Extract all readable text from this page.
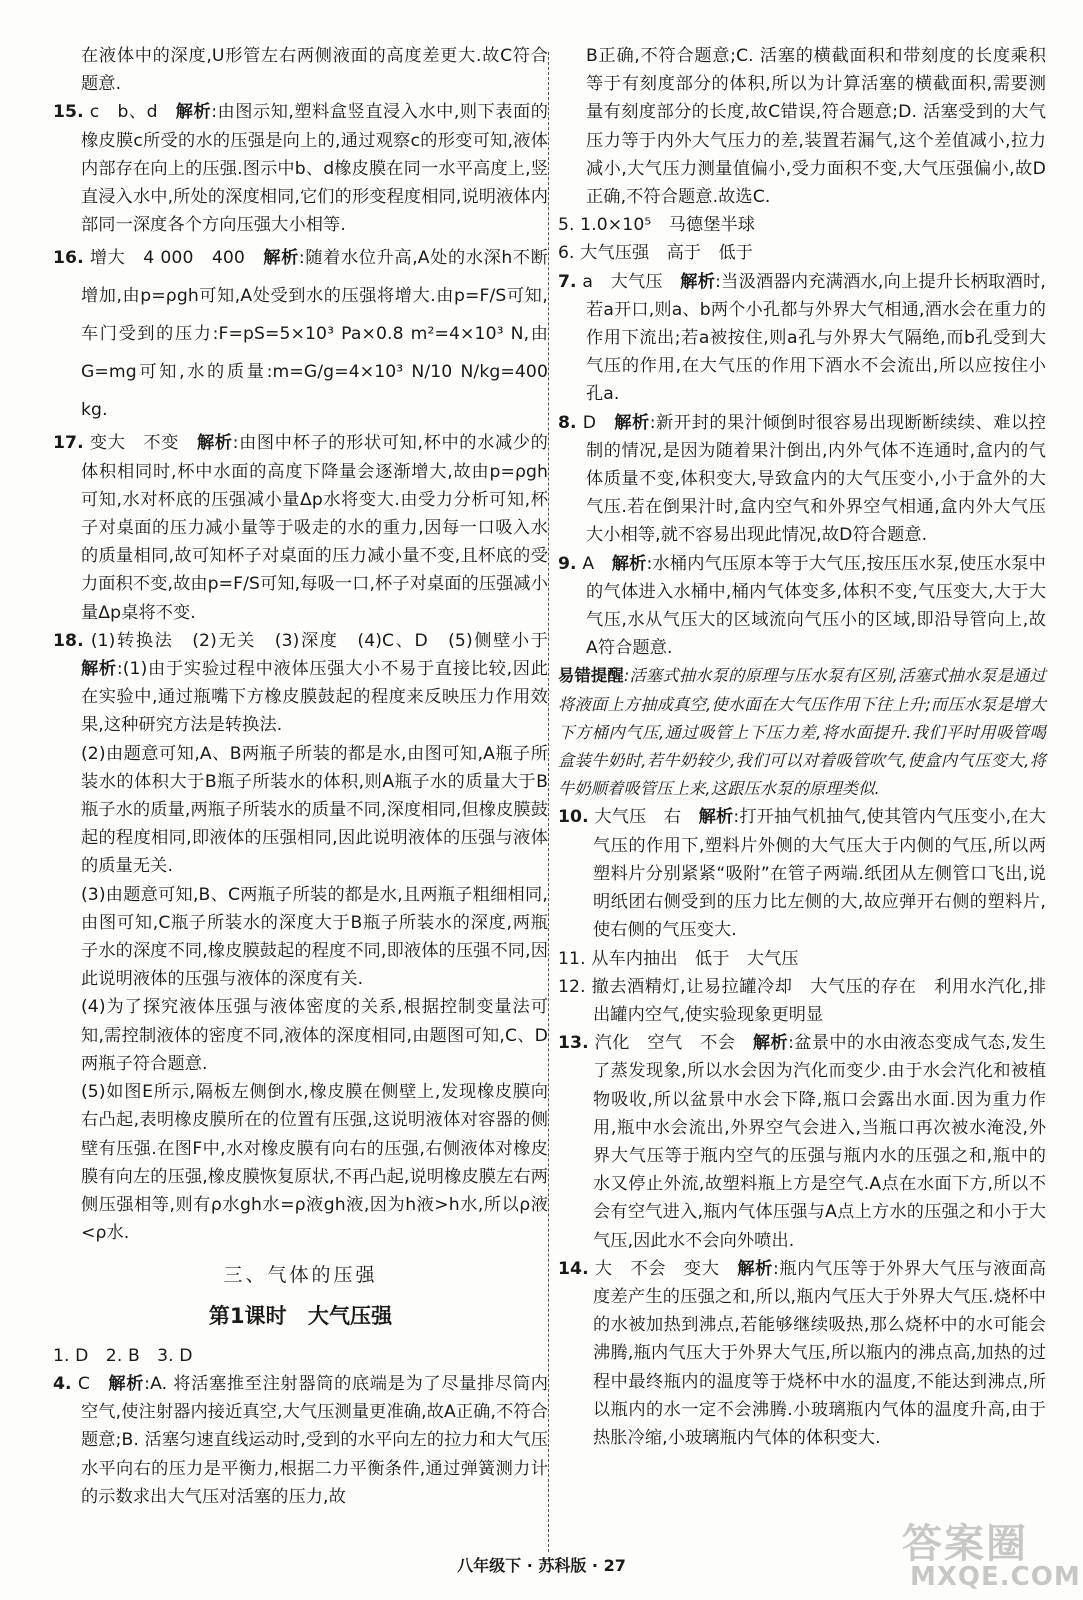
在液体中的深度,U形管左右两侧液面的高度差更大.故C符合题意.

15. c　b、d　 解析:由图示知,塑料盒竖直浸入水中,则下表面的橡皮膜c所受的水的压强是向上的,通过观察c的形变可知,液体内部存在向上的压强.图示中b、d橡皮膜在同一水平高度上,竖直浸入水中,所处的深度相同,它们的形变程度相同,说明液体内部同一深度各个方向压强大小相等.

16. 增大　4 000　400　 解析:随着水位升高,A处的水深h不断增加,由p=ρgh可知,A处受到水的压强将增大.由p=F/S可知,车门受到的压力:F=pS=5×10³ Pa×0.8 m²=4×10³ N,由G=mg可知,水的质量:m=G/g=4×10³ N/10 N/kg=400 kg.

17. 变大　不变　 解析:由图中杯子的形状可知,杯中的水减少的体积相同时,杯中水面的高度下降量会逐渐增大,故由p=ρgh可知,水对杯底的压强减小量Δp水将变大.由受力分析可知,杯子对桌面的压力减小量等于吸走的水的重力,因每一口吸入水的质量相同,故可知杯子对桌面的压力减小量不变,且杯底的受力面积不变,故由p=F/S可知,每吸一口,杯子对桌面的压强减小量Δp桌将不变.

18. (1)转换法　(2)无关　(3)深度　(4)C、D　(5)侧壁小于　解析:(1)由于实验过程中液体压强大小不易于直接比较,因此在实验中,通过瓶嘴下方橡皮膜鼓起的程度来反映压力作用效果,这种研究方法是转换法.

(2)由题意可知,A、B两瓶子所装的都是水,由图可知,A瓶子所装水的体积大于B瓶子所装水的体积,则A瓶子水的质量大于B瓶子水的质量,两瓶子所装水的质量不同,深度相同,但橡皮膜鼓起的程度相同,即液体的压强相同,因此说明液体的压强与液体的质量无关.

(3)由题意可知,B、C两瓶子所装的都是水,且两瓶子粗细相同,由图可知,C瓶子所装水的深度大于B瓶子所装水的深度,两瓶子水的深度不同,橡皮膜鼓起的程度不同,即液体的压强不同,因此说明液体的压强与液体的深度有关.

(4)为了探究液体压强与液体密度的关系,根据控制变量法可知,需控制液体的密度不同,液体的深度相同,由题图可知,C、D两瓶子符合题意.

(5)如图E所示,隔板左侧倒水,橡皮膜在侧壁上,发现橡皮膜向右凸起,表明橡皮膜所在的位置有压强,这说明液体对容器的侧壁有压强.在图F中,水对橡皮膜有向右的压强,右侧液体对橡皮膜有向左的压强,橡皮膜恢复原状,不再凸起,说明橡皮膜左右两侧压强相等,则有ρ水gh水=ρ液gh液,因为h液>h水,所以ρ液<ρ水.

三、气体的压强
第1课时　大气压强

1. D　2. B　3. D

4. C　 解析:A. 将活塞推至注射器筒的底端是为了尽量排尽筒内空气,使注射器内接近真空,大气压测量更准确,故A正确,不符合题意;B. 活塞匀速直线运动时,受到的水平向左的拉力和大气压水平向右的压力是平衡力,根据二力平衡条件,通过弹簧测力计的示数求出大气压对活塞的压力,故

B正确,不符合题意;C. 活塞的横截面积和带刻度的长度乘积等于有刻度部分的体积,所以为计算活塞的横截面积,需要测量有刻度部分的长度,故C错误,符合题意;D. 活塞受到的大气压力等于内外大气压力的差,装置若漏气,这个差值减小,拉力减小,大气压力测量值偏小,受力面积不变,大气压强偏小,故D正确,不符合题意.故选C.

5. 1.0×10⁵　马德堡半球

6. 大气压强　高于　低于

7. a　大气压　 解析:当汲酒器内充满酒水,向上提升长柄取酒时,若a开口,则a、b两个小孔都与外界大气相通,酒水会在重力的作用下流出;若a被按住,则a孔与外界大气隔绝,而b孔受到大气压的作用,在大气压的作用下酒水不会流出,所以应按住小孔a.

8. D　 解析:新开封的果汁倾倒时很容易出现断断续续、难以控制的情况,是因为随着果汁倒出,内外气体不连通时,盒内的气体质量不变,体积变大,导致盒内的大气压变小,小于盒外的大气压.若在倒果汁时,盒内空气和外界空气相通,盒内外大气压大小相等,就不容易出现此情况,故D符合题意.

9. A　 解析:水桶内气压原本等于大气压,按压压水泵,使压水泵中的气体进入水桶中,桶内气体变多,体积不变,气压变大,大于大气压,水从气压大的区域流向气压小的区域,即沿导管向上,故A符合题意.

易错提醒:活塞式抽水泵的原理与压水泵有区别,活塞式抽水泵是通过将液面上方抽成真空,使水面在大气压作用下往上升;而压水泵是增大下方桶内气压,通过吸管上下压力差,将水面提升.我们平时用吸管喝盒装牛奶时,若牛奶较少,我们可以对着吸管吹气,使盒内气压变大,将牛奶顺着吸管压上来,这跟压水泵的原理类似.

10. 大气压　右　 解析:打开抽气机抽气,使其管内气压变小,在大气压的作用下,塑料片外侧的大气压大于内侧的气压,所以两塑料片分别紧紧“吸附”在管子两端.纸团从左侧管口飞出,说明纸团右侧受到的压力比左侧的大,故应弹开右侧的塑料片,使右侧的气压变大.

11. 从车内抽出　低于　大气压

12. 撤去酒精灯,让易拉罐冷却　大气压的存在　利用水汽化,排出罐内空气,使实验现象更明显

13. 汽化　空气　不会　 解析:盆景中的水由液态变成气态,发生了蒸发现象,所以水会因为汽化而变少.由于水会汽化和被植物吸收,所以盆景中水会下降,瓶口会露出水面.因为重力作用,瓶中水会流出,外界空气会进入,当瓶口再次被水淹没,外界大气压等于瓶内空气的压强与瓶内水的压强之和,瓶中的水又停止外流,故塑料瓶上方是空气.A点在水面下方,所以不会有空气进入,瓶内气体压强与A点上方水的压强之和小于大气压,因此水不会向外喷出.

14. 大　不会　变大　 解析:瓶内气压等于外界大气压与液面高度差产生的压强之和,所以,瓶内气压大于外界大气压.烧杯中的水被加热到沸点,若能够继续吸热,那么烧杯中的水可能会沸腾,瓶内气压大于外界大气压,所以瓶内的沸点高,加热的过程中最终瓶内的温度等于烧杯中水的温度,不能达到沸点,所以瓶内的水一定不会沸腾.小玻璃瓶内气体的温度升高,由于热胀冷缩,小玻璃瓶内气体的体积变大.

八年级下 · 苏科版 · 27	答案圈
MXQE.COM
